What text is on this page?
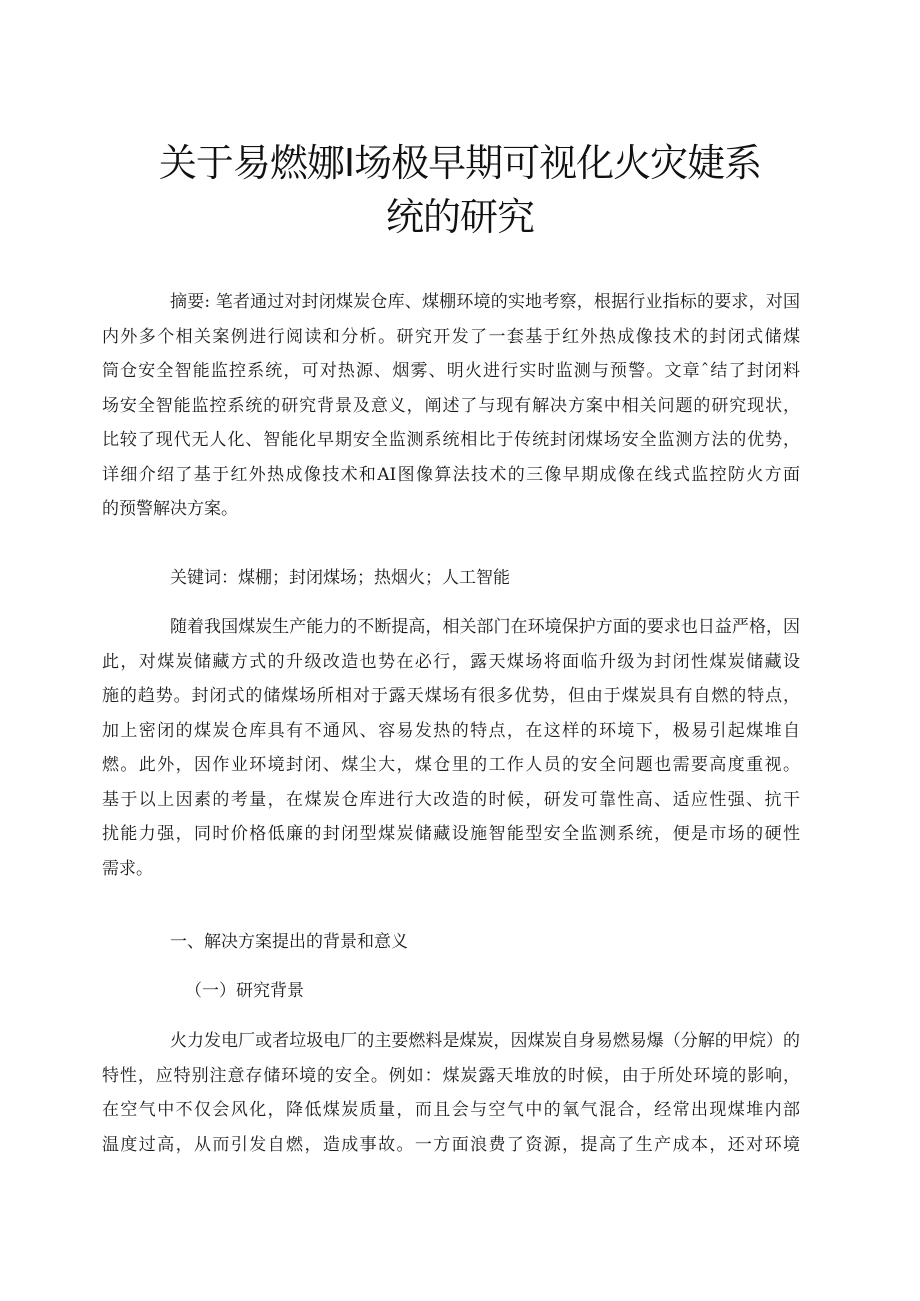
关于易燃娜Ⅰ场极早期可视化火灾婕系
统的研究
摘要: 笔者通过对封闭煤炭仓库、煤棚环境的实地考察，根据行业指标的要求，对国
内外多个相关案例进行阅读和分析。研究开发了一套基于红外热成像技术的封闭式储煤
筒仓安全智能监控系统，可对热源、烟雾、明火进行实时监测与预警。文章ˆ结了封闭料
场安全智能监控系统的研究背景及意义，阐述了与现有解决方案中相关问题的研究现状，
比较了现代无人化、智能化早期安全监测系统相比于传统封闭煤场安全监测方法的优势，
详细介绍了基于红外热成像技术和AI图像算法技术的三像早期成像在线式监控防火方面
的预警解决方案。

关键词：煤棚；封闭煤场；热烟火；人工智能

随着我国煤炭生产能力的不断提高，相关部门在环境保护方面的要求也日益严格，因
此，对煤炭储藏方式的升级改造也势在必行，露天煤场将面临升级为封闭性煤炭储藏设
施的趋势。封闭式的储煤场所相对于露天煤场有很多优势，但由于煤炭具有自燃的特点，
加上密闭的煤炭仓库具有不通风、容易发热的特点，在这样的环境下，极易引起煤堆自
燃。此外，因作业环境封闭、煤尘大，煤仓里的工作人员的安全问题也需要高度重视。
基于以上因素的考量，在煤炭仓库进行大改造的时候，研发可靠性高、适应性强、抗干
扰能力强，同时价格低廉的封闭型煤炭储藏设施智能型安全监测系统，便是市场的硬性
需求。

一、解决方案提出的背景和意义

（一）研究背景

火力发电厂或者垃圾电厂的主要燃料是煤炭，因煤炭自身易燃易爆（分解的甲烷）的
特性，应特别注意存储环境的安全。例如：煤炭露天堆放的时候，由于所处环境的影响，
在空气中不仅会风化，降低煤炭质量，而且会与空气中的氧气混合，经常出现煤堆内部
温度过高，从而引发自燃，造成事故。一方面浪费了资源，提高了生产成本，还对环境
